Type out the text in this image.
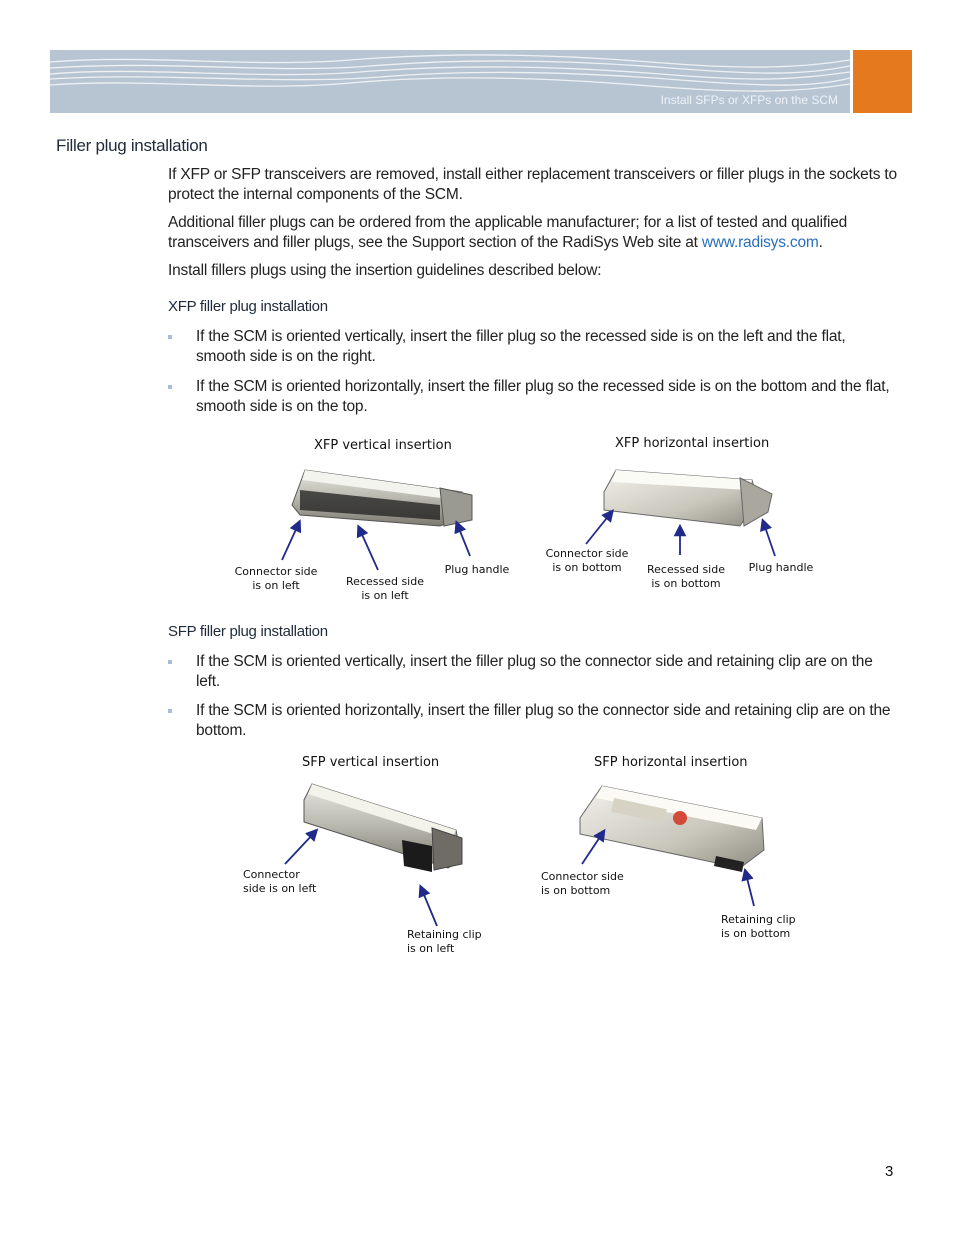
Install SFPs or XFPs on the SCM
Filler plug installation
If XFP or SFP transceivers are removed, install either replacement transceivers or filler plugs in the sockets to protect the internal components of the SCM.
Additional filler plugs can be ordered from the applicable manufacturer; for a list of tested and qualified transceivers and filler plugs, see the Support section of the RadiSys Web site at www.radisys.com.
Install fillers plugs using the insertion guidelines described below:
XFP filler plug installation
If the SCM is oriented vertically, insert the filler plug so the recessed side is on the left and the flat, smooth side is on the right.
If the SCM is oriented horizontally, insert the filler plug so the recessed side is on the bottom and the flat, smooth side is on the top.
XFP vertical insertion	XFP horizontal insertion
SFP filler plug installation
If the SCM is oriented vertically, insert the filler plug so the connector side and retaining clip are on the left.
If the SCM is oriented horizontally, insert the filler plug so the connector side and retaining clip are on the bottom.
SFP vertical insertion	SFP horizontal insertion
Connector side
is on left	Recessed side
is on left
Plug handle
Connector side
is on bottom	Recessed side
is on bottom
Plug handle
Connector
side is on left
Retaining clip
is on left
Connector side
is on bottom
Retaining clip
is on bottom
3
